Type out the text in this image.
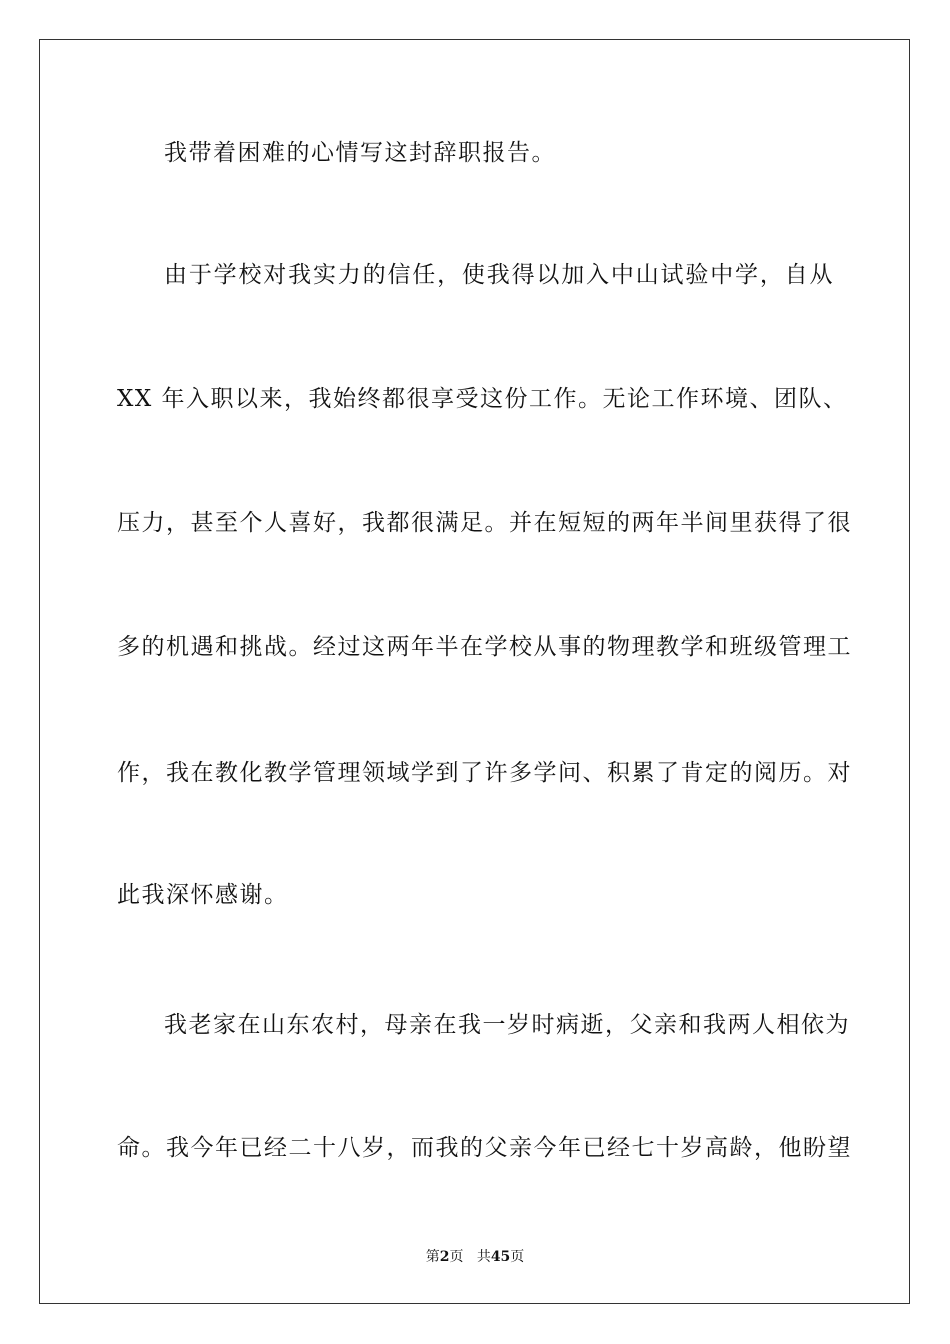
我带着困难的心情写这封辞职报告。
由于学校对我实力的信任，使我得以加入中山试验中学，自从
XX 年入职以来，我始终都很享受这份工作。无论工作环境、团队、
压力，甚至个人喜好，我都很满足。并在短短的两年半间里获得了很
多的机遇和挑战。经过这两年半在学校从事的物理教学和班级管理工
作，我在教化教学管理领域学到了许多学问、积累了肯定的阅历。对
此我深怀感谢。
我老家在山东农村，母亲在我一岁时病逝，父亲和我两人相依为
命。我今年已经二十八岁，而我的父亲今年已经七十岁高龄，他盼望
第2页 共45页
